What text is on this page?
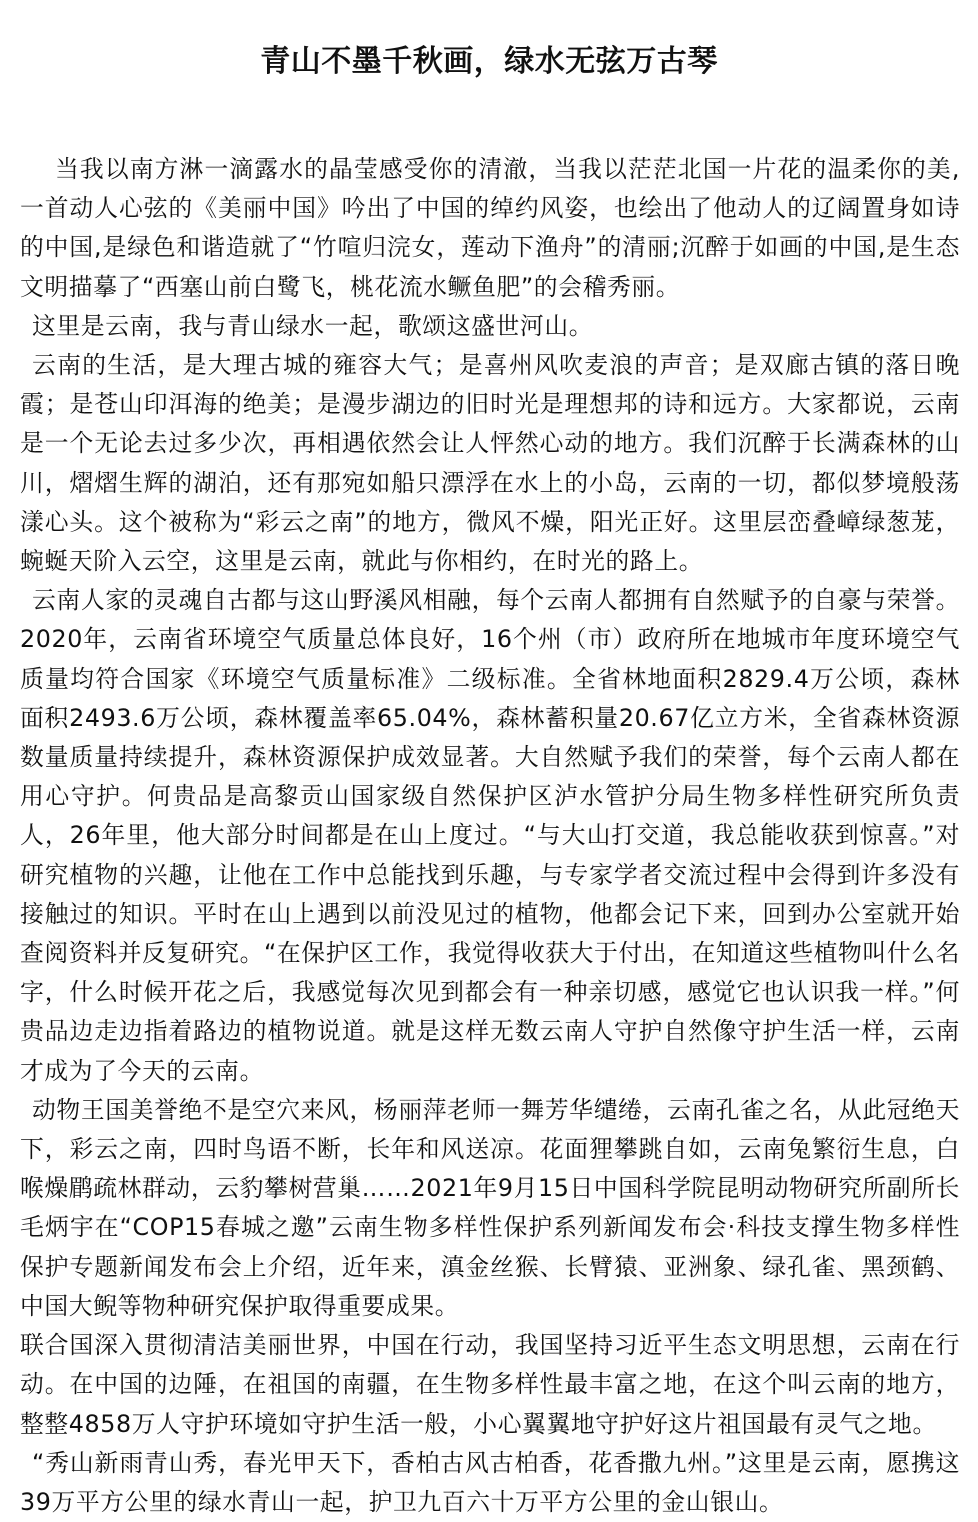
青山不墨千秋画，绿水无弦万古琴

当我以南方淋一滴露水的晶莹感受你的清澈，当我以茫茫北国一片花的温柔你的美,一首动人心弦的《美丽中国》吟出了中国的绰约风姿，也绘出了他动人的辽阔置身如诗的中国,是绿色和谐造就了“竹喧归浣女，莲动下渔舟”的清丽;沉醉于如画的中国,是生态文明描摹了“西塞山前白鹭飞，桃花流水鳜鱼肥”的会稽秀丽。

这里是云南，我与青山绿水一起，歌颂这盛世河山。

云南的生活，是大理古城的雍容大气；是喜州风吹麦浪的声音；是双廊古镇的落日晚霞；是苍山印洱海的绝美；是漫步湖边的旧时光是理想邦的诗和远方。大家都说，云南是一个无论去过多少次，再相遇依然会让人怦然心动的地方。我们沉醉于长满森林的山川，熠熠生辉的湖泊，还有那宛如船只漂浮在水上的小岛，云南的一切，都似梦境般荡漾心头。这个被称为“彩云之南”的地方，微风不燥，阳光正好。这里层峦叠嶂绿葱茏，蜿蜒天阶入云空，这里是云南，就此与你相约，在时光的路上。

云南人家的灵魂自古都与这山野溪风相融，每个云南人都拥有自然赋予的自豪与荣誉。2020年，云南省环境空气质量总体良好，16个州（市）政府所在地城市年度环境空气质量均符合国家《环境空气质量标准》二级标准。全省林地面积2829.4万公顷，森林面积2493.6万公顷，森林覆盖率65.04%，森林蓄积量20.67亿立方米，全省森林资源数量质量持续提升，森林资源保护成效显著。大自然赋予我们的荣誉，每个云南人都在用心守护。何贵品是高黎贡山国家级自然保护区泸水管护分局生物多样性研究所负责人，26年里，他大部分时间都是在山上度过。“与大山打交道，我总能收获到惊喜。”对研究植物的兴趣，让他在工作中总能找到乐趣，与专家学者交流过程中会得到许多没有接触过的知识。平时在山上遇到以前没见过的植物，他都会记下来，回到办公室就开始查阅资料并反复研究。“在保护区工作，我觉得收获大于付出，在知道这些植物叫什么名字，什么时候开花之后，我感觉每次见到都会有一种亲切感，感觉它也认识我一样。”何贵品边走边指着路边的植物说道。就是这样无数云南人守护自然像守护生活一样，云南才成为了今天的云南。

动物王国美誉绝不是空穴来风，杨丽萍老师一舞芳华缱绻，云南孔雀之名，从此冠绝天下，彩云之南，四时鸟语不断，长年和风送凉。花面狸攀跳自如，云南兔繁衍生息，白喉燥鹛疏林群动，云豹攀树营巢……2021年9月15日中国科学院昆明动物研究所副所长毛炳宇在“COP15春城之邀”云南生物多样性保护系列新闻发布会·科技支撑生物多样性保护专题新闻发布会上介绍，近年来，滇金丝猴、长臂猿、亚洲象、绿孔雀、黑颈鹤、中国大鲵等物种研究保护取得重要成果。

联合国深入贯彻清洁美丽世界，中国在行动，我国坚持习近平生态文明思想，云南在行动。在中国的边陲，在祖国的南疆，在生物多样性最丰富之地，在这个叫云南的地方，整整4858万人守护环境如守护生活一般，小心翼翼地守护好这片祖国最有灵气之地。

“秀山新雨青山秀，春光甲天下，香柏古风古柏香，花香撒九州。”这里是云南，愿携这39万平方公里的绿水青山一起，护卫九百六十万平方公里的金山银山。
